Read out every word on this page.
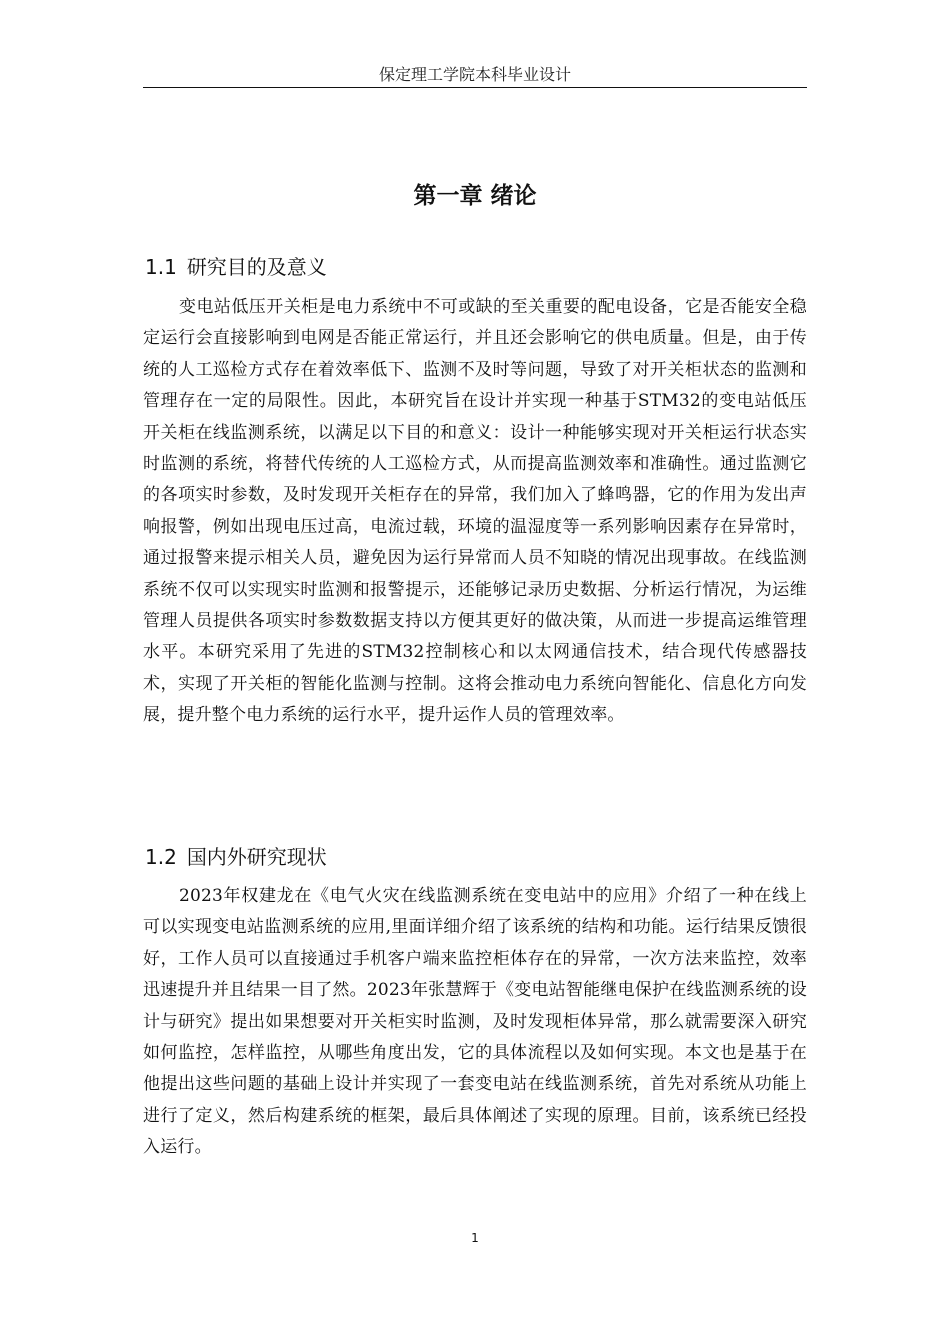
保定理工学院本科毕业设计
第一章 绪论
1.1 研究目的及意义

变电站低压开关柜是电力系统中不可或缺的至关重要的配电设备，它是否能安全稳定运行会直接影响到电网是否能正常运行，并且还会影响它的供电质量。但是，由于传统的人工巡检方式存在着效率低下、监测不及时等问题，导致了对开关柜状态的监测和管理存在一定的局限性。因此，本研究旨在设计并实现一种基于STM32的变电站低压开关柜在线监测系统，以满足以下目的和意义：设计一种能够实现对开关柜运行状态实时监测的系统，将替代传统的人工巡检方式，从而提高监测效率和准确性。通过监测它的各项实时参数，及时发现开关柜存在的异常，我们加入了蜂鸣器，它的作用为发出声响报警，例如出现电压过高，电流过载，环境的温湿度等一系列影响因素存在异常时，通过报警来提示相关人员，避免因为运行异常而人员不知晓的情况出现事故。在线监测系统不仅可以实现实时监测和报警提示，还能够记录历史数据、分析运行情况，为运维管理人员提供各项实时参数数据支持以方便其更好的做决策，从而进一步提高运维管理水平。本研究采用了先进的STM32控制核心和以太网通信技术，结合现代传感器技术，实现了开关柜的智能化监测与控制。这将会推动电力系统向智能化、信息化方向发展，提升整个电力系统的运行水平，提升运作人员的管理效率。

1.2 国内外研究现状

2023年权建龙在《电气火灾在线监测系统在变电站中的应用》介绍了一种在线上可以实现变电站监测系统的应用,里面详细介绍了该系统的结构和功能。运行结果反馈很好，工作人员可以直接通过手机客户端来监控柜体存在的异常，一次方法来监控，效率迅速提升并且结果一目了然。2023年张慧辉于《变电站智能继电保护在线监测系统的设计与研究》提出如果想要对开关柜实时监测，及时发现柜体异常，那么就需要深入研究如何监控，怎样监控，从哪些角度出发，它的具体流程以及如何实现。本文也是基于在他提出这些问题的基础上设计并实现了一套变电站在线监测系统，首先对系统从功能上进行了定义，然后构建系统的框架，最后具体阐述了实现的原理。目前，该系统已经投入运行。

1
